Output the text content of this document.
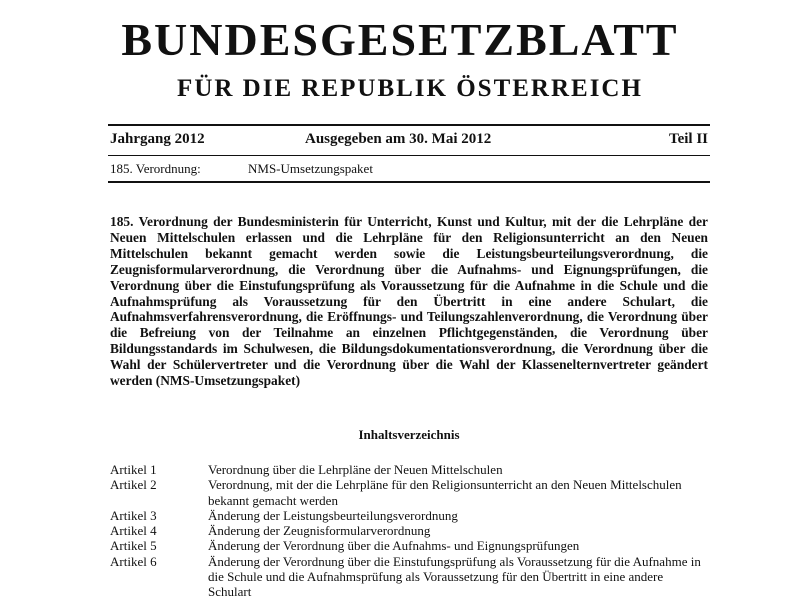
BUNDESGESETZBLATT
FÜR DIE REPUBLIK ÖSTERREICH
Jahrgang 2012	Ausgegeben am 30. Mai 2012	Teil II
185. Verordnung:	NMS-Umsetzungspaket

185. Verordnung der Bundesministerin für Unterricht, Kunst und Kultur, mit der die Lehrpläne der Neuen Mittelschulen erlassen und die Lehrpläne für den Religionsunterricht an den Neuen Mittelschulen bekannt gemacht werden sowie die Leistungsbeurteilungsverordnung, die Zeugnisformularverordnung, die Verordnung über die Aufnahms- und Eignungsprüfungen, die Verordnung über die Einstufungsprüfung als Voraussetzung für die Aufnahme in die Schule und die Aufnahmsprüfung als Voraussetzung für den Übertritt in eine andere Schulart, die Aufnahmsverfahrensverordnung, die Eröffnungs- und Teilungszahlenverordnung, die Verordnung über die Befreiung von der Teilnahme an einzelnen Pflichtgegenständen, die Verordnung über Bildungsstandards im Schulwesen, die Bildungsdokumentationsverordnung, die Verordnung über die Wahl der Schülervertreter und die Verordnung über die Wahl der Klassenelternvertreter geändert werden (NMS-Umsetzungspaket)

Inhaltsverzeichnis
Artikel 1	Verordnung über die Lehrpläne der Neuen Mittelschulen
Artikel 2	Verordnung, mit der die Lehrpläne für den Religionsunterricht an den Neuen Mittelschulen bekannt gemacht werden
Artikel 3	Änderung der Leistungsbeurteilungsverordnung
Artikel 4	Änderung der Zeugnisformularverordnung
Artikel 5	Änderung der Verordnung über die Aufnahms- und Eignungsprüfungen
Artikel 6	Änderung der Verordnung über die Einstufungsprüfung als Voraussetzung für die Aufnahme in die Schule und die Aufnahmsprüfung als Voraussetzung für den Übertritt in eine andere Schulart
